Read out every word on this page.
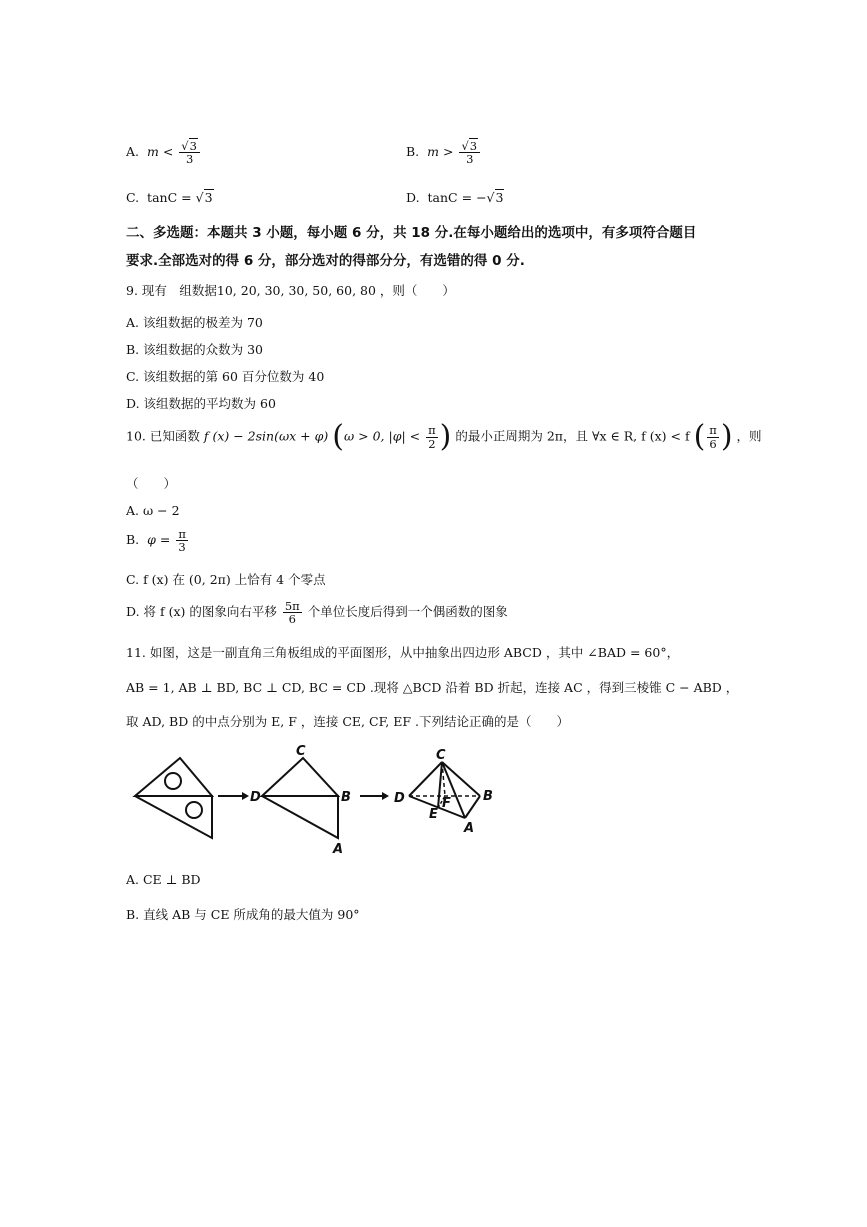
A. $m < \frac{√3}{3}$	B. $m > \frac{√3}{3}$
C. tanC = √3	D. tanC = −√3
二、多选题：本题共 3 小题，每小题 6 分，共 18 分.在每小题给出的选项中，有多项符合题目
要求.全部选对的得 6 分，部分选对的得部分分，有选错的得 0 分.
9. 现有　组数据10, 20, 30, 30, 50, 60, 80 ，则（　　）
A. 该组数据的极差为 70
B. 该组数据的众数为 30
C. 该组数据的第 60 百分位数为 40
D. 该组数据的平均数为 60
10. 已知函数 f (x) − 2sin(ωx + φ) (ω > 0, $|\varphi| < \frac{\pi}{2}$ ) 的最小正周期为 2π，且 ∀x ∈ R, f (x) < f ( $\frac{\pi}{6}$ ) ，则
（　　）
A. ω − 2
B. $\varphi = \frac{\pi}{3}$
C. f (x) 在 (0, 2π) 上恰有 4 个零点
D. 将 f (x) 的图象向右平移 $\frac{5\pi}{6}$ 个单位长度后得到一个偶函数的图象
11. 如图，这是一副直角三角板组成的平面图形，从中抽象出四边形 ABCD ，其中 ∠BAD = 60°，
AB = 1, AB ⊥ BD, BC ⊥ CD, BC = CD .现将 △BCD 沿着 BD 折起，连接 AC ，得到三棱锥 C − ABD ，
取 AD, BD 的中点分别为 E, F ，连接 CE, CF, EF .下列结论正确的是（　　）
C
D	B
A
C
D	B
A
E
F
A. CE ⊥ BD
B. 直线 AB 与 CE 所成角的最大值为 90°
